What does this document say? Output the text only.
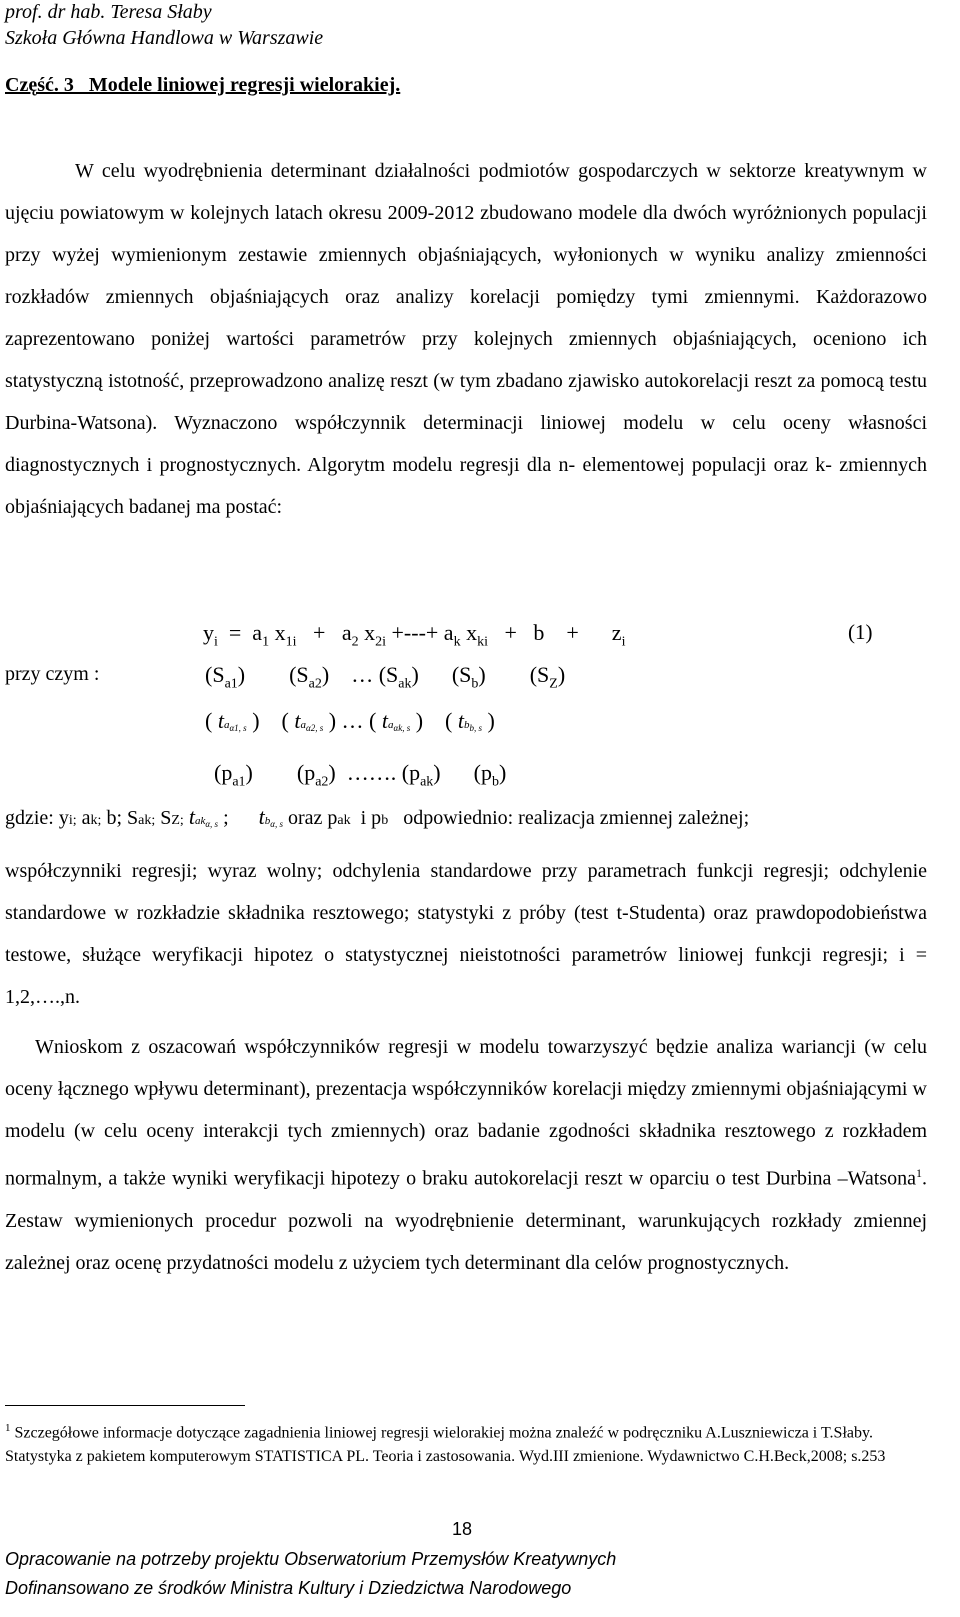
prof. dr hab. Teresa Słaby
Szkoła Główna Handlowa w Warszawie
Część. 3   Modele liniowej regresji wielorakiej.

W celu wyodrębnienia determinant działalności podmiotów gospodarczych w sektorze kreatywnym w ujęciu powiatowym w kolejnych latach okresu 2009-2012 zbudowano modele dla dwóch wyróżnionych populacji przy wyżej wymienionym zestawie zmiennych objaśniających, wyłonionych w wyniku analizy zmienności rozkładów zmiennych objaśniających oraz analizy korelacji pomiędzy tymi zmiennymi. Każdorazowo zaprezentowano poniżej wartości parametrów przy kolejnych zmiennych objaśniających, oceniono ich statystyczną istotność, przeprowadzono analizę reszt (w tym zbadano zjawisko autokorelacji reszt za pomocą testu Durbina-Watsona). Wyznaczono współczynnik determinacji liniowej modelu w celu oceny własności diagnostycznych i prognostycznych. Algorytm modelu regresji dla n- elementowej populacji oraz k- zmiennych objaśniających badanej ma postać:

$y_i = a_1$ $x_{1i} + a_2$ $x_{2i}$ +---+ $a_k$ $x_{ki} + b$    +      $z_i$	(1)
przy czym :	$(S_{a1})$        $(S_{a2})$    … $(S_{ak})$      $(S_b)$        $(S_Z)$
( $ta_{\alpha 1, s}$ )    ( $ta_{\alpha 2, s}$ ) … ( $ta_{\alpha k, s}$ )    ( $tb_{b, s}$ )
$(p_{a1})$        $(p_{a2})$  ……. $(p_{ak})$      $(p_b)$
gdzie: yi; ak; b; Sak; SZ; tak$_{\alpha, s}$ ;      $tb_{\alpha, s}$ oraz pak i pb odpowiednio: realizacja zmiennej zależnej;

współczynniki regresji; wyraz wolny; odchylenia standardowe przy parametrach funkcji regresji; odchylenie standardowe w rozkładzie składnika resztowego; statystyki z próby (test t-Studenta) oraz prawdopodobieństwa testowe, służące weryfikacji hipotez o statystycznej nieistotności parametrów liniowej funkcji regresji; i = 1,2,….,n.

Wnioskom z oszacowań współczynników regresji w modelu towarzyszyć będzie analiza wariancji (w celu oceny łącznego wpływu determinant), prezentacja współczynników korelacji między zmiennymi objaśniającymi w modelu (w celu oceny interakcji tych zmiennych) oraz badanie zgodności składnika resztowego z rozkładem normalnym, a także wyniki weryfikacji hipotezy o braku autokorelacji reszt w oparciu o test Durbina –Watsona$^1$. Zestaw wymienionych procedur pozwoli na wyodrębnienie determinant, warunkujących rozkłady zmiennej zależnej oraz ocenę przydatności modelu z użyciem tych determinant dla celów prognostycznych.

$^1$ Szczegółowe informacje dotyczące zagadnienia liniowej regresji wielorakiej można znaleźć w podręczniku A.Luszniewicza i T.Słaby. Statystyka z pakietem komputerowym STATISTICA PL. Teoria i zastosowania. Wyd.III zmienione. Wydawnictwo C.H.Beck,2008; s.253

18
Opracowanie na potrzeby projektu Obserwatorium Przemysłów Kreatywnych
Dofinansowano ze środków Ministra Kultury i Dziedzictwa Narodowego
